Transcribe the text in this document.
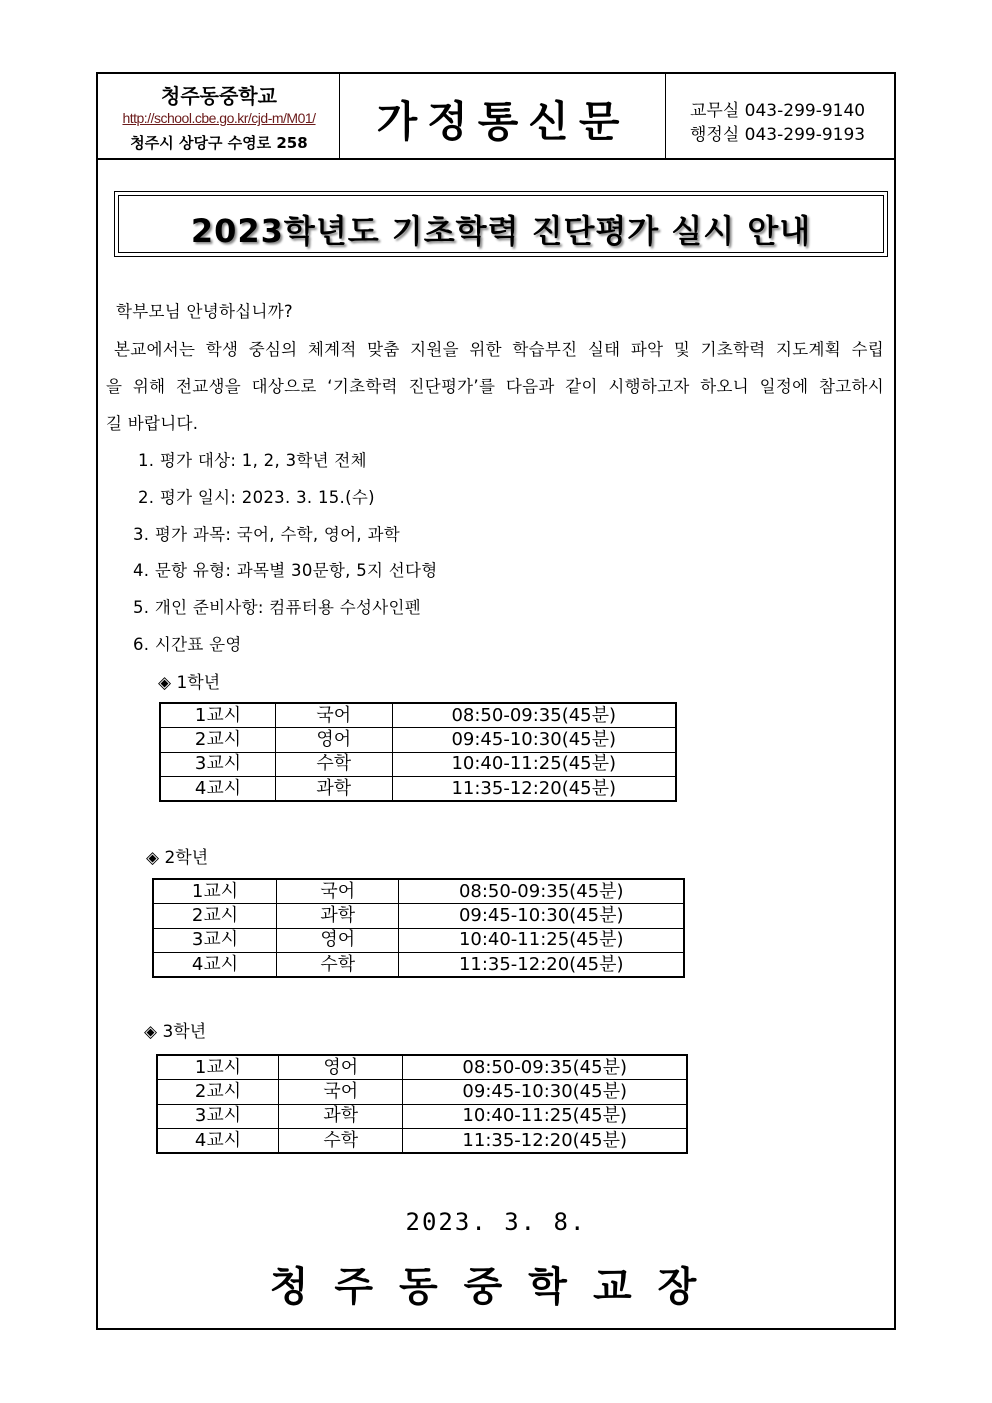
청주동중학교
http://school.cbe.go.kr/cjd-m/M01/
청주시 상당구 수영로 258	가정통신문	교무실 043-299-9140
행정실 043-299-9193
2023학년도 기초학력 진단평가 실시 안내
학부모님 안녕하십니까?
본교에서는 학생 중심의 체계적 맞춤 지원을 위한 학습부진 실태 파악 및 기초학력 지도계획 수립
을 위해 전교생을 대상으로 ‘기초학력 진단평가’를 다음과 같이 시행하고자 하오니 일정에 참고하시
길 바랍니다.
1. 평가 대상: 1, 2, 3학년 전체
2. 평가 일시: 2023. 3. 15.(수)
3. 평가 과목: 국어, 수학, 영어, 과학
4. 문항 유형: 과목별 30문항, 5지 선다형
5. 개인 준비사항: 컴퓨터용 수성사인펜
6. 시간표 운영
◈ 1학년
1교시	국어	08:50-09:35(45분)
2교시	영어	09:45-10:30(45분)
3교시	수학	10:40-11:25(45분)
4교시	과학	11:35-12:20(45분)
◈ 2학년
1교시	국어	08:50-09:35(45분)
2교시	과학	09:45-10:30(45분)
3교시	영어	10:40-11:25(45분)
4교시	수학	11:35-12:20(45분)
◈ 3학년
1교시	영어	08:50-09:35(45분)
2교시	국어	09:45-10:30(45분)
3교시	과학	10:40-11:25(45분)
4교시	수학	11:35-12:20(45분)
2023. 3. 8.
청주동중학교장
